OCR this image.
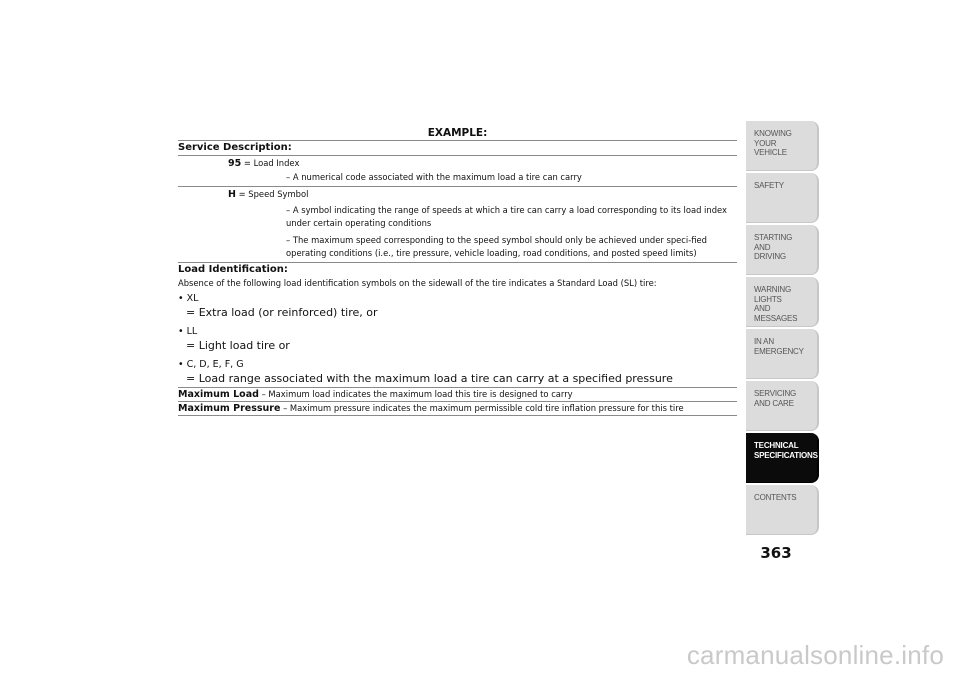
EXAMPLE:
Service Description:
95 = Load Index
– A numerical code associated with the maximum load a tire can carry
H = Speed Symbol
– A symbol indicating the range of speeds at which a tire can carry a load corresponding to its load index under certain operating conditions
– The maximum speed corresponding to the speed symbol should only be achieved under speci-fied operating conditions (i.e., tire pressure, vehicle loading, road conditions, and posted speed limits)
Load Identification:
Absence of the following load identification symbols on the sidewall of the tire indicates a Standard Load (SL) tire:
• XL
= Extra load (or reinforced) tire, or
• LL
= Light load tire or
• C, D, E, F, G
= Load range associated with the maximum load a tire can carry at a specified pressure
Maximum Load – Maximum load indicates the maximum load this tire is designed to carry
Maximum Pressure – Maximum pressure indicates the maximum permissible cold tire inflation pressure for this tire
KNOWING
YOUR
VEHICLE
SAFETY
STARTING
AND
DRIVING
WARNING
LIGHTS
AND
MESSAGES
IN AN
EMERGENCY
SERVICING
AND CARE
TECHNICAL
SPECIFICATIONS
CONTENTS
363
carmanualsonline.info
